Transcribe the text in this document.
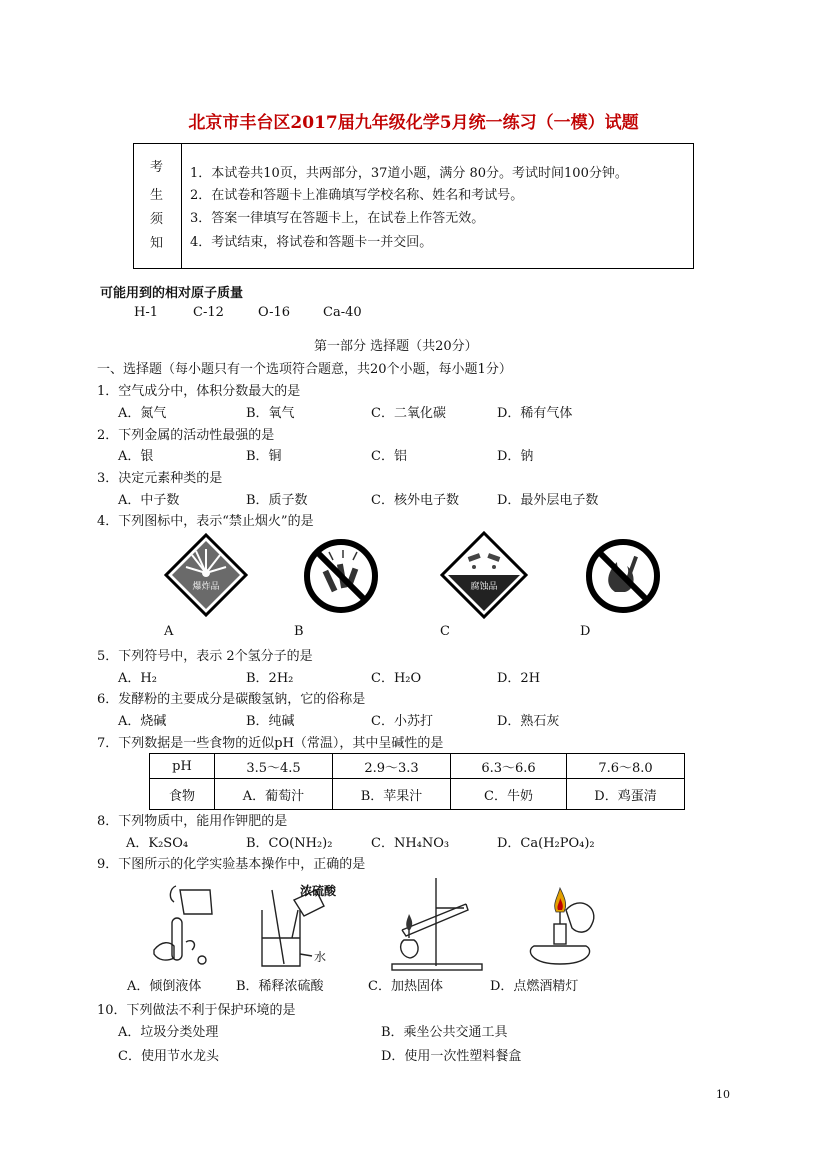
北京市丰台区2017届九年级化学5月统一练习（一模）试题
考
生
须
知
1．本试卷共10页，共两部分，37道小题，满分 80分。考试时间100分钟。
2．在试卷和答题卡上准确填写学校名称、姓名和考试号。
3．答案一律填写在答题卡上，在试卷上作答无效。
4．考试结束，将试卷和答题卡一并交回。
可能用到的相对原子质量
H-1	C-12	O-16	Ca-40
第一部分 选择题（共20分）
一、选择题（每小题只有一个选项符合题意，共20个小题，每小题1分）
1．空气成分中，体积分数最大的是
A．氮气	B．氧气	C．二氧化碳	D．稀有气体
2．下列金属的活动性最强的是
A．银	B．铜	C．铝	D．钠
3．决定元素种类的是
A．中子数	B．质子数	C．核外电子数	D．最外层电子数
4．下列图标中，表示“禁止烟火”的是
爆炸品	腐蚀品
A	B	C	D
5．下列符号中，表示 2个氢分子的是
A．H₂	B．2H₂	C．H₂O	D．2H
6．发酵粉的主要成分是碳酸氢钠，它的俗称是
A．烧碱	B．纯碱	C．小苏打	D．熟石灰
7．下列数据是一些食物的近似pH（常温），其中呈碱性的是
pH	3.5～4.5	2.9～3.3	6.3～6.6	7.6～8.0
食物	A．葡萄汁	B．苹果汁	C．牛奶	D．鸡蛋清
8．下列物质中，能用作钾肥的是
A．K₂SO₄	B．CO(NH₂)₂	C．NH₄NO₃	D．Ca(H₂PO₄)₂
9．下图所示的化学实验基本操作中，正确的是
浓硫酸
水
A．倾倒液体	B．稀释浓硫酸	C．加热固体	D．点燃酒精灯
10．下列做法不利于保护环境的是
A．垃圾分类处理	B．乘坐公共交通工具
C．使用节水龙头	D．使用一次性塑料餐盒
10
